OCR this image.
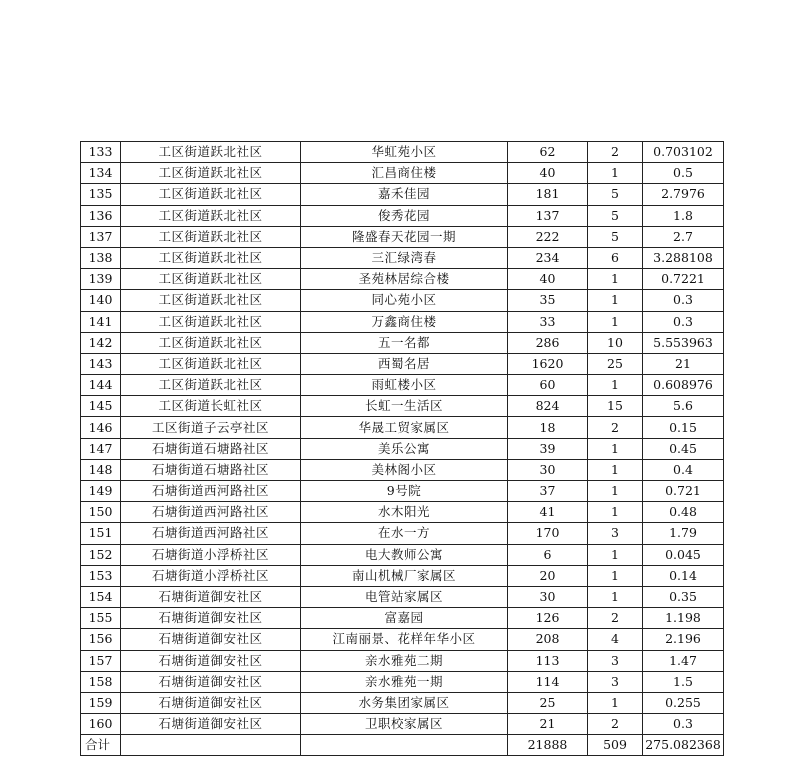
133	工区街道跃北社区	华虹苑小区	62	2	0.703102
134	工区街道跃北社区	汇昌商住楼	40	1	0.5
135	工区街道跃北社区	嘉禾佳园	181	5	2.7976
136	工区街道跃北社区	俊秀花园	137	5	1.8
137	工区街道跃北社区	隆盛春天花园一期	222	5	2.7
138	工区街道跃北社区	三汇绿湾春	234	6	3.288108
139	工区街道跃北社区	圣苑林居综合楼	40	1	0.7221
140	工区街道跃北社区	同心苑小区	35	1	0.3
141	工区街道跃北社区	万鑫商住楼	33	1	0.3
142	工区街道跃北社区	五一名都	286	10	5.553963
143	工区街道跃北社区	西蜀名居	1620	25	21
144	工区街道跃北社区	雨虹楼小区	60	1	0.608976
145	工区街道长虹社区	长虹一生活区	824	15	5.6
146	工区街道子云亭社区	华晟工贸家属区	18	2	0.15
147	石塘街道石塘路社区	美乐公寓	39	1	0.45
148	石塘街道石塘路社区	美林阁小区	30	1	0.4
149	石塘街道西河路社区	9号院	37	1	0.721
150	石塘街道西河路社区	水木阳光	41	1	0.48
151	石塘街道西河路社区	在水一方	170	3	1.79
152	石塘街道小浮桥社区	电大教师公寓	6	1	0.045
153	石塘街道小浮桥社区	南山机械厂家属区	20	1	0.14
154	石塘街道御安社区	电管站家属区	30	1	0.35
155	石塘街道御安社区	富嘉园	126	2	1.198
156	石塘街道御安社区	江南丽景、花样年华小区	208	4	2.196
157	石塘街道御安社区	亲水雅苑二期	113	3	1.47
158	石塘街道御安社区	亲水雅苑一期	114	3	1.5
159	石塘街道御安社区	水务集团家属区	25	1	0.255
160	石塘街道御安社区	卫职校家属区	21	2	0.3
合计			21888	509	275.082368
